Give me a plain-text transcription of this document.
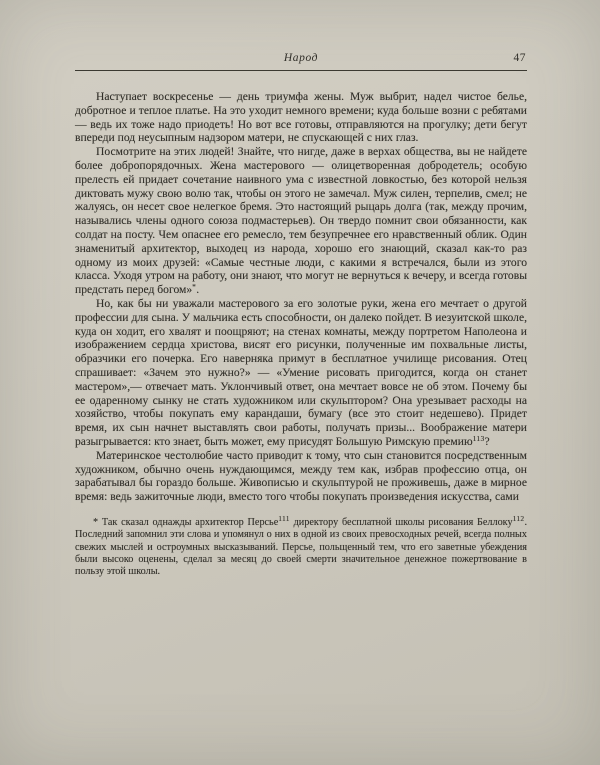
Народ	47

Наступает воскресенье — день триумфа жены. Муж выбрит, надел чистое белье, добротное и теплое платье. На это уходит немного времени; куда больше возни с ребятами — ведь их тоже надо приодеть! Но вот все готовы, отправляются на прогулку; дети бегут впереди под неусыпным надзором матери, не спускающей с них глаз.

Посмотрите на этих людей! Знайте, что нигде, даже в верхах общества, вы не найдете более добропорядочных. Жена мастерового — олицетворенная добродетель; особую прелесть ей придает сочетание наивного ума с известной ловкостью, без которой нельзя диктовать мужу свою волю так, чтобы он этого не замечал. Муж силен, терпелив, смел; не жалуясь, он несет свое нелегкое бремя. Это настоящий рыцарь долга (так, между прочим, назывались члены одного союза подмастерьев). Он твердо помнит свои обязанности, как солдат на посту. Чем опаснее его ремесло, тем безупречнее его нравственный облик. Один знаменитый архитектор, выходец из народа, хорошо его знающий, сказал как-то раз одному из моих друзей: «Самые честные люди, с какими я встречался, были из этого класса. Уходя утром на работу, они знают, что могут не вернуться к вечеру, и всегда готовы предстать перед богом»*.

Но, как бы ни уважали мастерового за его золотые руки, жена его мечтает о другой профессии для сына. У мальчика есть способности, он далеко пойдет. В иезуитской школе, куда он ходит, его хвалят и поощряют; на стенах комнаты, между портретом Наполеона и изображением сердца христова, висят его рисунки, полученные им похвальные листы, образчики его почерка. Его наверняка примут в бесплатное училище рисования. Отец спрашивает: «Зачем это нужно?» — «Умение рисовать пригодится, когда он станет мастером»,— отвечает мать. Уклончивый ответ, она мечтает вовсе не об этом. Почему бы ее одаренному сынку не стать художником или скульптором? Она урезывает расходы на хозяйство, чтобы покупать ему карандаши, бумагу (все это стоит недешево). Придет время, их сын начнет выставлять свои работы, получать призы... Воображение матери разыгрывается: кто знает, быть может, ему присудят Большую Римскую премию$^{113}$?

Материнское честолюбие часто приводит к тому, что сын становится посредственным художником, обычно очень нуждающимся, между тем как, избрав профессию отца, он зарабатывал бы гораздо больше. Живописью и скульптурой не проживешь, даже в мирное время: ведь зажиточные люди, вместо того чтобы покупать произведения искусства, сами

* Так сказал однажды архитектор Персье$^{111}$ директору бесплатной школы рисования Беллоку$^{112}$. Последний запомнил эти слова и упомянул о них в одной из своих превосходных речей, всегда полных свежих мыслей и остроумных высказываний. Персье, польщенный тем, что его заветные убеждения были высоко оценены, сделал за месяц до своей смерти значительное денежное пожертвование в пользу этой школы.
